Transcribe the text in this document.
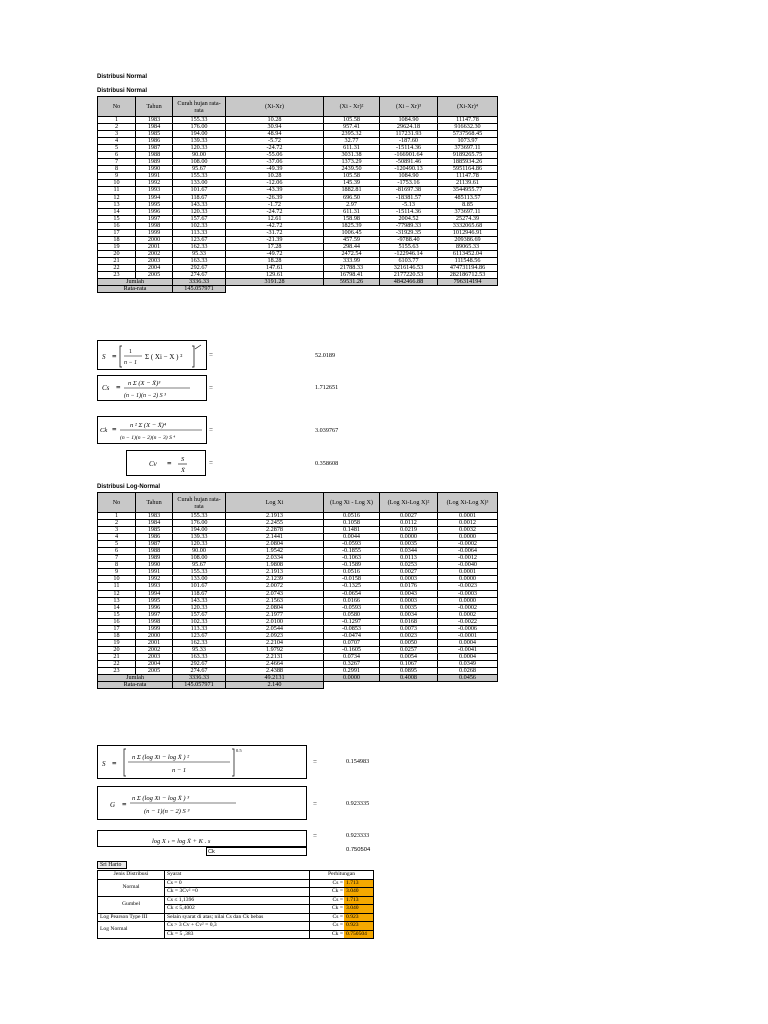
Distribusi Normal
Distribusi Normal
No	Tahun	Curah hujan rata-rata	(Xi-Xr)	(Xi - Xr)²	(Xi – Xr)³	(Xi-Xr)⁴
1	1983	155.33	10.28	105.58	1084.90	11147.78
2	1984	176.00	30.94	957.41	29624.18	916632.30
3	1985	194.00	48.94	2395.32	117231.93	5737568.45
4	1986	139.33	-5.72	32.77	-187.60	1073.97
5	1987	120.33	-24.72	611.31	-15114.36	373697.11
6	1988	90.00	-55.06	3031.38	-166901.64	9189265.75
7	1989	108.00	-37.06	1373.29	-50891.46	1885934.26
8	1990	95.67	-49.39	2439.50	-120490.13	5951164.86
9	1991	155.33	10.28	105.58	1084.90	11147.78
10	1992	133.00	-12.06	145.39	-1753.16	21139.61
11	1993	101.67	-43.39	1882.81	-81697.38	3544955.77
12	1994	118.67	-26.39	696.50	-18381.57	485113.57
13	1995	143.33	-1.72	2.97	-5.13	8.85
14	1996	120.33	-24.72	611.31	-15114.36	373697.11
15	1997	157.67	12.61	158.98	2004.52	25274.39
16	1998	102.33	-42.72	1825.39	-77989.33	3332065.68
17	1999	113.33	-31.72	1006.45	-31929.35	1012946.91
18	2000	123.67	-21.39	457.59	-9788.40	209386.69
19	2001	162.33	17.28	298.44	5155.63	89065.33
20	2002	95.33	-49.72	2472.54	-122946.14	6113452.04
21	2003	163.33	18.28	333.99	6103.77	111548.56
22	2004	292.67	147.61	21788.33	3216146.53	474731194.86
23	2005	274.67	129.61	16798.41	2177220.53	282186712.53
Jumlah		3336.33	3191.28	59531.26	4842466.88	796314194
Rata-rata		145.057971				
S = 1
n − 1
Σ ( Xi − X ) ²	=	52.0189
Cs = n Σ (X − X̄)³
(n − 1)(n − 2) S ³
=	1.712651
Ck = n ² Σ (X − X̄)⁴
(n − 1)(n − 2)(n − 3) S ⁴
=	3.039767
Cv = S
X̄
=	0.358608
Distribusi Log-Normal
No	Tahun	Curah hujan rata-rata	Log Xi	(Log Xi - Log X)	(Log Xi-Log X)²	(Log Xi-Log X)³
1	1983	155.33	2.1913	0.0516	0.0027	0.0001
2	1984	176.00	2.2455	0.1058	0.0112	0.0012
3	1985	194.00	2.2878	0.1481	0.0219	0.0032
4	1986	139.33	2.1441	0.0044	0.0000	0.0000
5	1987	120.33	2.0804	-0.0593	0.0035	-0.0002
6	1988	90.00	1.9542	-0.1855	0.0344	-0.0064
7	1989	108.00	2.0334	-0.1063	0.0113	-0.0012
8	1990	95.67	1.9808	-0.1589	0.0253	-0.0040
9	1991	155.33	2.1913	0.0516	0.0027	0.0001
10	1992	133.00	2.1239	-0.0158	0.0003	0.0000
11	1993	101.67	2.0072	-0.1325	0.0176	-0.0023
12	1994	118.67	2.0743	-0.0654	0.0043	-0.0003
13	1995	143.33	2.1563	0.0166	0.0003	0.0000
14	1996	120.33	2.0804	-0.0593	0.0035	-0.0002
15	1997	157.67	2.1977	0.0580	0.0034	0.0002
16	1998	102.33	2.0100	-0.1297	0.0168	-0.0022
17	1999	113.33	2.0544	-0.0853	0.0073	-0.0006
18	2000	123.67	2.0923	-0.0474	0.0023	-0.0001
19	2001	162.33	2.2104	0.0707	0.0050	0.0004
20	2002	95.33	1.9792	-0.1605	0.0257	-0.0041
21	2003	163.33	2.2131	0.0734	0.0054	0.0004
22	2004	292.67	2.4664	0.3267	0.1067	0.0349
23	2005	274.67	2.4388	0.2991	0.0895	0.0268
Jumlah		3336.33	49.2131	0.0000	0.4008	0.0456
Rata-rata		145.057971	2.140			
S =
n Σ (log Xi − log X̄ ) ²
n − 1
0.5
=	0.154983
G =
n Σ (log Xi − log X̄ ) ³
(n − 1)(n − 2) S ³
=	0.923335
log X ₜ = log X̄ + K . s
=	0.923333
Ck	0.750504
Sri Harto
Jenis Distribusi	Syarat	Perhitungan
Normal	Cs = 0	Cs = 1.713

	Ck = 3Cv² =0	Ck = 3.040

Gumbel	Cs ≤ 1,1396	Cs = 1.713

	Ck ≤ 5,4002	Ck = 3.040

Log Pearson Type III	Selain syarat di atas; nilai Cs dan Ck bebas	Cs = 0.923

Log Normal	Cs > 3 Cv + Cv² = 0,3	Cs = 0.923

	Ck = 5 ,383	Ck = 0.750504
